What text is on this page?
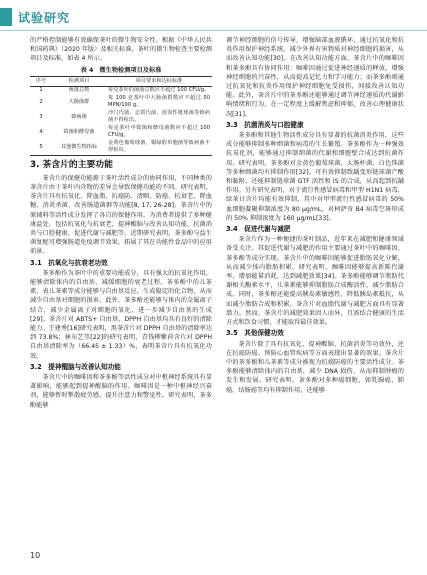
试验研究

的严格控制能够有效确保茶叶的微生物安全性。根据《中华人民共和国药典》（2020 年版）及相关标准，茶叶的微生物检查主要检测项目及标准，如表 4 所示。

表 4　微生物检测项目及标准
序号	检测项目	项目要求和达标标准
1	菌落总数	每克茶叶的菌落总数应不超过 100 CFU/g。
2	大肠菌群	每 100 克茶叶中大肠菌群数应不超过 50 MPN/100 g。
3	致病菌	沙门氏菌、志贺氏菌、溶血性链球菌等致病菌不得检出。
4	霉菌和酵母菌	每克茶叶中霉菌和酵母菌数应不超过 100 CFU/g。
5	其他微生物指标	金黄色葡萄球菌、铜绿假单胞菌等致病菌不得检出。
3. 茶含片的主要功能

茶含片的保健功能源于茶叶活性成分的协同作用，不同种类的茶含片由于茶叶内含物的差异会导致保健功能的不同。研究表明，茶含片具有抗氧化、降血脂、抗癌防、清咽、防癌、抗衰老、降血糖、消炎杀菌、改善肠道菌群等功能[8, 17, 26-28]。茶含片中的原辅料等活性成分发挥了各自的保健作用，为消费者提供了多种健康益处，包括抗氧化与抗衰老、提神醒脑与改善认知功能、抗菌消炎与口腔健康、促进代谢与减肥等。近期研究表明，茶多酚与益生菌复配可增强肠道免疫调节效果，拓展了其在功能性食品中的应用前景。

3.1　抗氧化与抗衰老功效

茶多酚作为茶叶中的重要功能成分，具有强大的抗氧化作用，能够清除体内的自由基，减缓细胞的衰老过程。茶多酚中的儿茶素，表儿茶素等成分能够与自由基反应，生成稳定的化合物，从而减少自由基对细胞的损害。此外，茶多酚还能够与体内的金属离子结合，减少金属离子对细胞的氧化，进一步减少自由基的生成[29]。茶含片对 ABTS+ 自由基、DPPH 自由基均具有良好的清除能力。王建秀[16]研究表明，黑茶含片对 DPPH 自由基的清除率达到 73.8%；林东艺等[22]的研究表明，青钱柳紫荷含片对 DPPH 自由基清除率为（66.45 ± 1.33）%，表明茶含片具有抗氧化功效。

3.2　提神醒脑与改善认知功能

茶含片中的咖啡因和茶多酚等活性成分对中枢神经系统具有显著影响，能够起到提神醒脑的作用。咖啡因是一种中枢神经兴奋剂，能够暂时掣散疲劳感，提升注意力和警觉性。研究表明，茶多酚能够

调节神经细胞的信号传导，增强脑部血液循环，通过抗氧化和抗炎作用保护神经系统，减少外界有害物质对神经细胞的损害，从而改善认知功能[30]。在改善认知功能方面，茶含片中的咖啡因和茶多酚具有协同作用：咖啡因通过促进神经递质的释放，增强神经细胞的兴奋性，从而提高记忆力和学习能力；而茶多酚则通过抗氧化和抗炎作用保护神经细胞免受损伤，间接改善认知功能。此外，茶含片中的茶多酚还能够通过调节神经递质的代谢影响情绪和行为，在一定程度上缓解焦虑和抑郁，改善心理健康状况[31]。

3.3　抗菌消炎与口腔健康

茶多酚和其他生物活性成分具有显著的抗菌消炎作用，这些成分能够抑制多种细菌和病毒的生长繁殖。茶多酚作为一种强效抗氧化剂，能够通过抑制细菌的代谢和细胞壁合成达到抗菌作用。研究表明，茶多酚对金黄色葡萄球菌、大肠杆菌、白色珠菌等多种细菌均有抑制作用[32]。可有效抑制致龋变形链球菌产酸和黏附，还能抑制链球菌 GTF 活性和 IS 的合成，从而起到抗龋作用。另有研究表明，对于流行性感冒病毒和甲型 H1N1 病毒，绿茶日含片均能有效抑制，其中对甲型流行性感冒病毒的 50% 血细胞凝聚抑制浓度为 80 µg/mL，对柯萨奇 B4 病毒空斑形成的 50% 抑制浓度为 160 µg/mL[33]。

3.4　促进代谢与减肥

茶含片作为一种便捷的茶叶制品，近年来在减肥和健康领域备受关注。其促进代谢与减肥的作用主要通过茶叶中的咖啡因、茶多酚等成分实现。茶含片中的咖啡因能够促进脂肪氧化分解，从而减少体内脂肪积累。研究表明，咖啡因能够提高新陈代谢率，增加能量消耗，达到减肥效果[34]。茶多酚能够调节脂肪代谢相关酶素水平，儿茶素能够抑制脂肪合成酶活性，减少脂肪合成。同时，茶多酚还能提高胰岛素敏感性，降低胰岛素抵抗，从而减少脂肪合成和积累。茶含片对血脂代谢与减肥方面具有显著潜力。然而，茶含片的减肥效果因人而异，且需结合健康的生活方式和饮食习惯，才能取得最佳效果。

3.5　其他保健功效

茶含片除了具有抗氧化、提神醒脑、抗菌消炎等功效外，还在抗癌防癌、预防心血管疾病等方面表现出显著的效果。茶含片中的茶多酚和儿茶素等成分被视为抗癌防癌的主要活性成分。茶多酚能够清除体内的自由基，减少 DNA 损伤，从而抑制肿瘤的发生和发展。研究表明，茶多酚对多种癌细胞，如乳腺癌、肺癌、结肠癌等均有抑制作用，还能够

10
